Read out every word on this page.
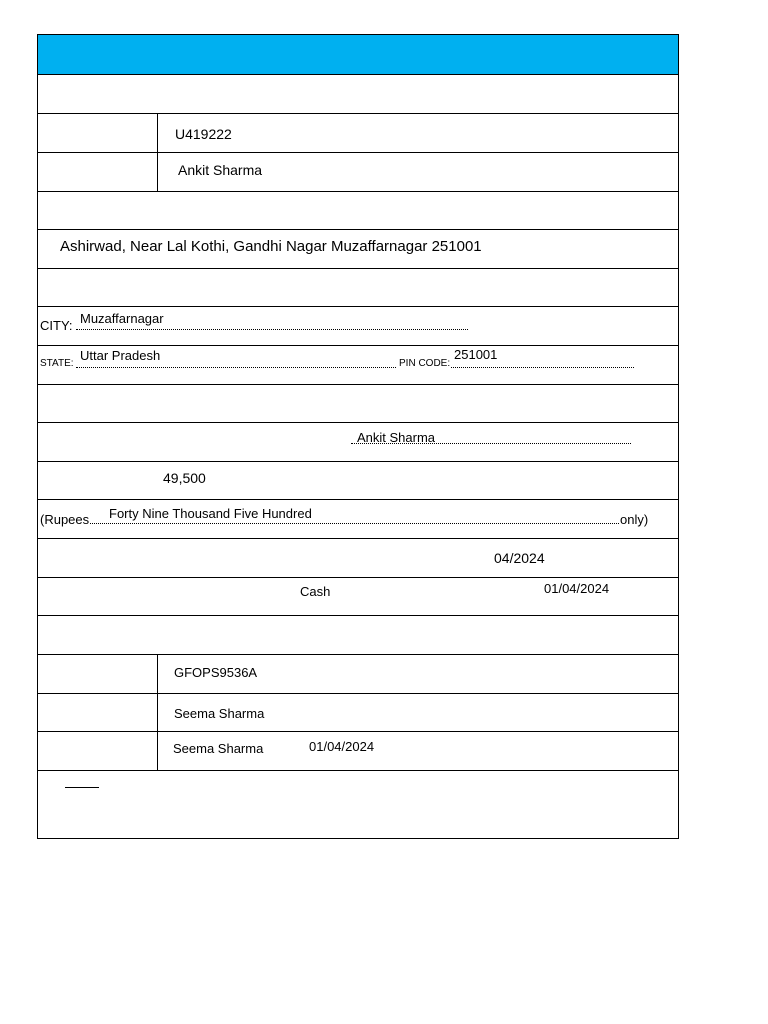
U419222
Ankit Sharma
Ashirwad, Near Lal Kothi, Gandhi Nagar Muzaffarnagar 251001
CITY: Muzaffarnagar
STATE:
Uttar Pradesh
PIN CODE:
251001
Ankit Sharma
49,500
(Rupees Forty Nine Thousand Five Hundred	only)
04/2024
Cash	01/04/2024
GFOPS9536A
Seema Sharma
Seema Sharma	01/04/2024
